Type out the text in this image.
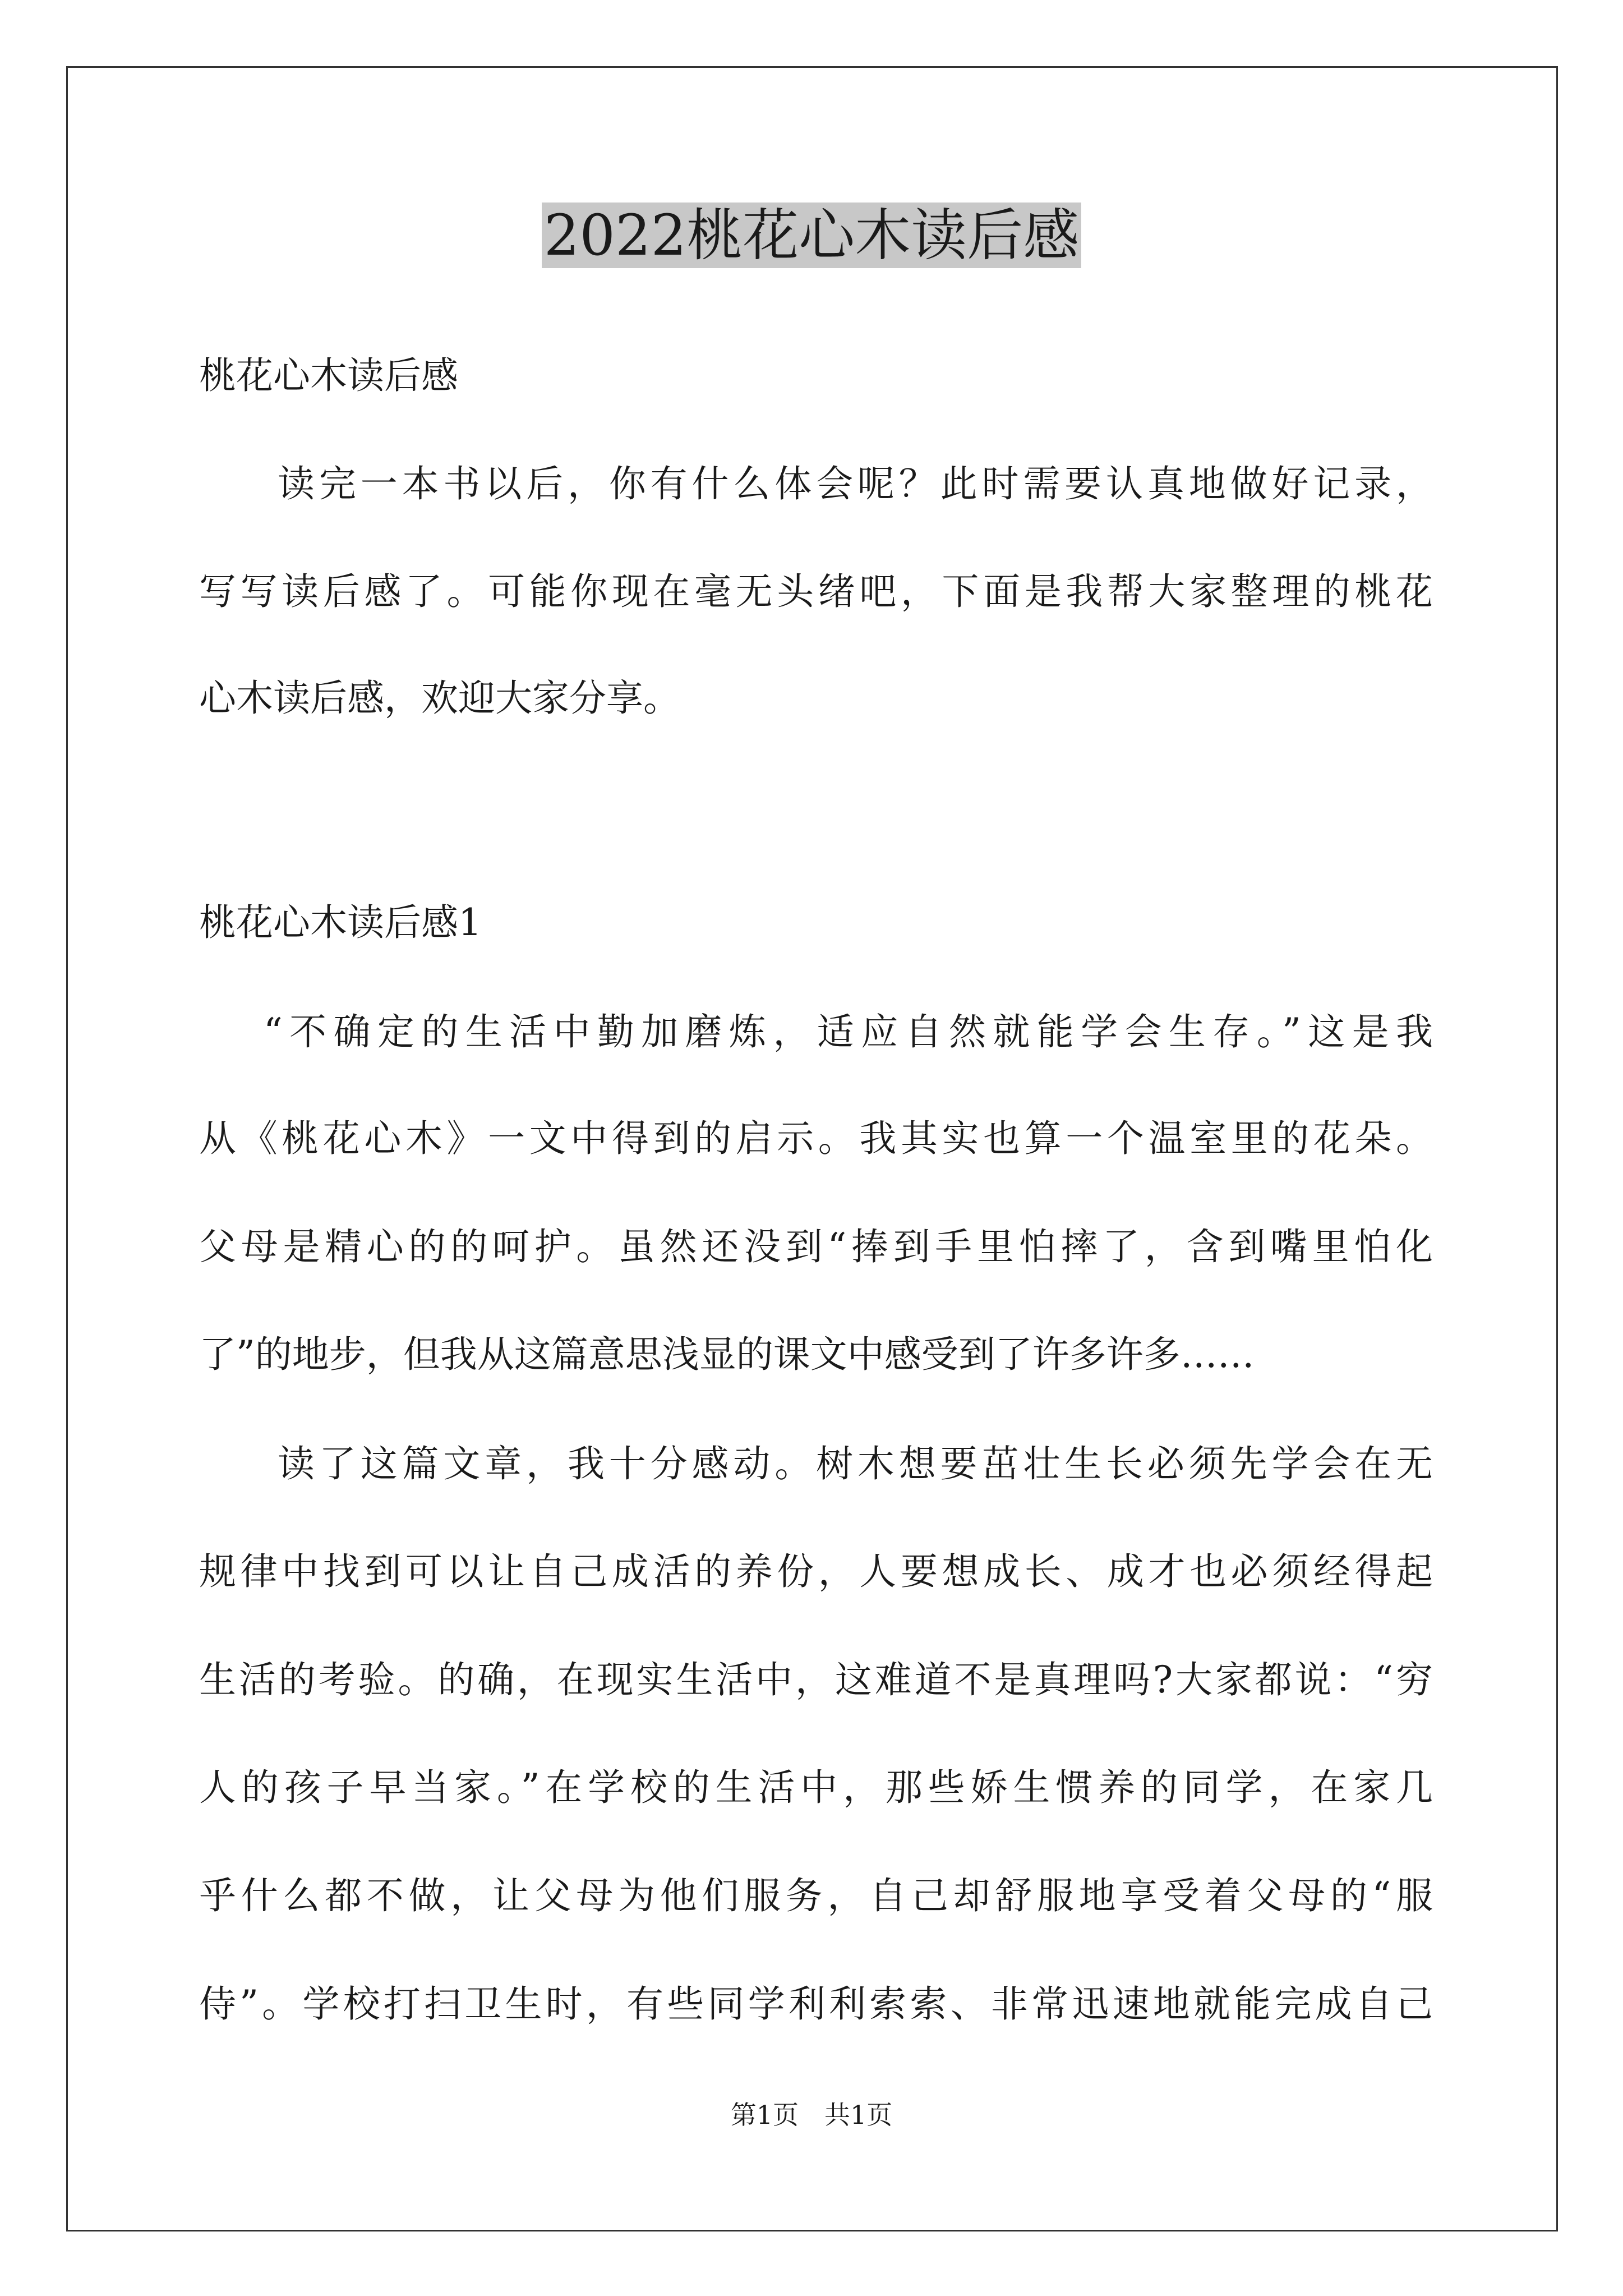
2022桃花心木读后感
桃花心木读后感
读完一本书以后，你有什么体会呢？此时需要认真地做好记录，
写写读后感了。可能你现在毫无头绪吧，下面是我帮大家整理的桃花
心木读后感，欢迎大家分享。
桃花心木读后感1
“不确定的生活中勤加磨炼，适应自然就能学会生存。”这是我
从《桃花心木》一文中得到的启示。我其实也算一个温室里的花朵。
父母是精心的的呵护。虽然还没到“捧到手里怕摔了，含到嘴里怕化
了”的地步，但我从这篇意思浅显的课文中感受到了许多许多……
读了这篇文章，我十分感动。树木想要茁壮生长必须先学会在无
规律中找到可以让自己成活的养份，人要想成长、成才也必须经得起
生活的考验。的确，在现实生活中，这难道不是真理吗?大家都说：“穷
人的孩子早当家。”在学校的生活中，那些娇生惯养的同学，在家几
乎什么都不做，让父母为他们服务，自己却舒服地享受着父母的“服
侍”。学校打扫卫生时，有些同学利利索索、非常迅速地就能完成自己
第1页　共1页
